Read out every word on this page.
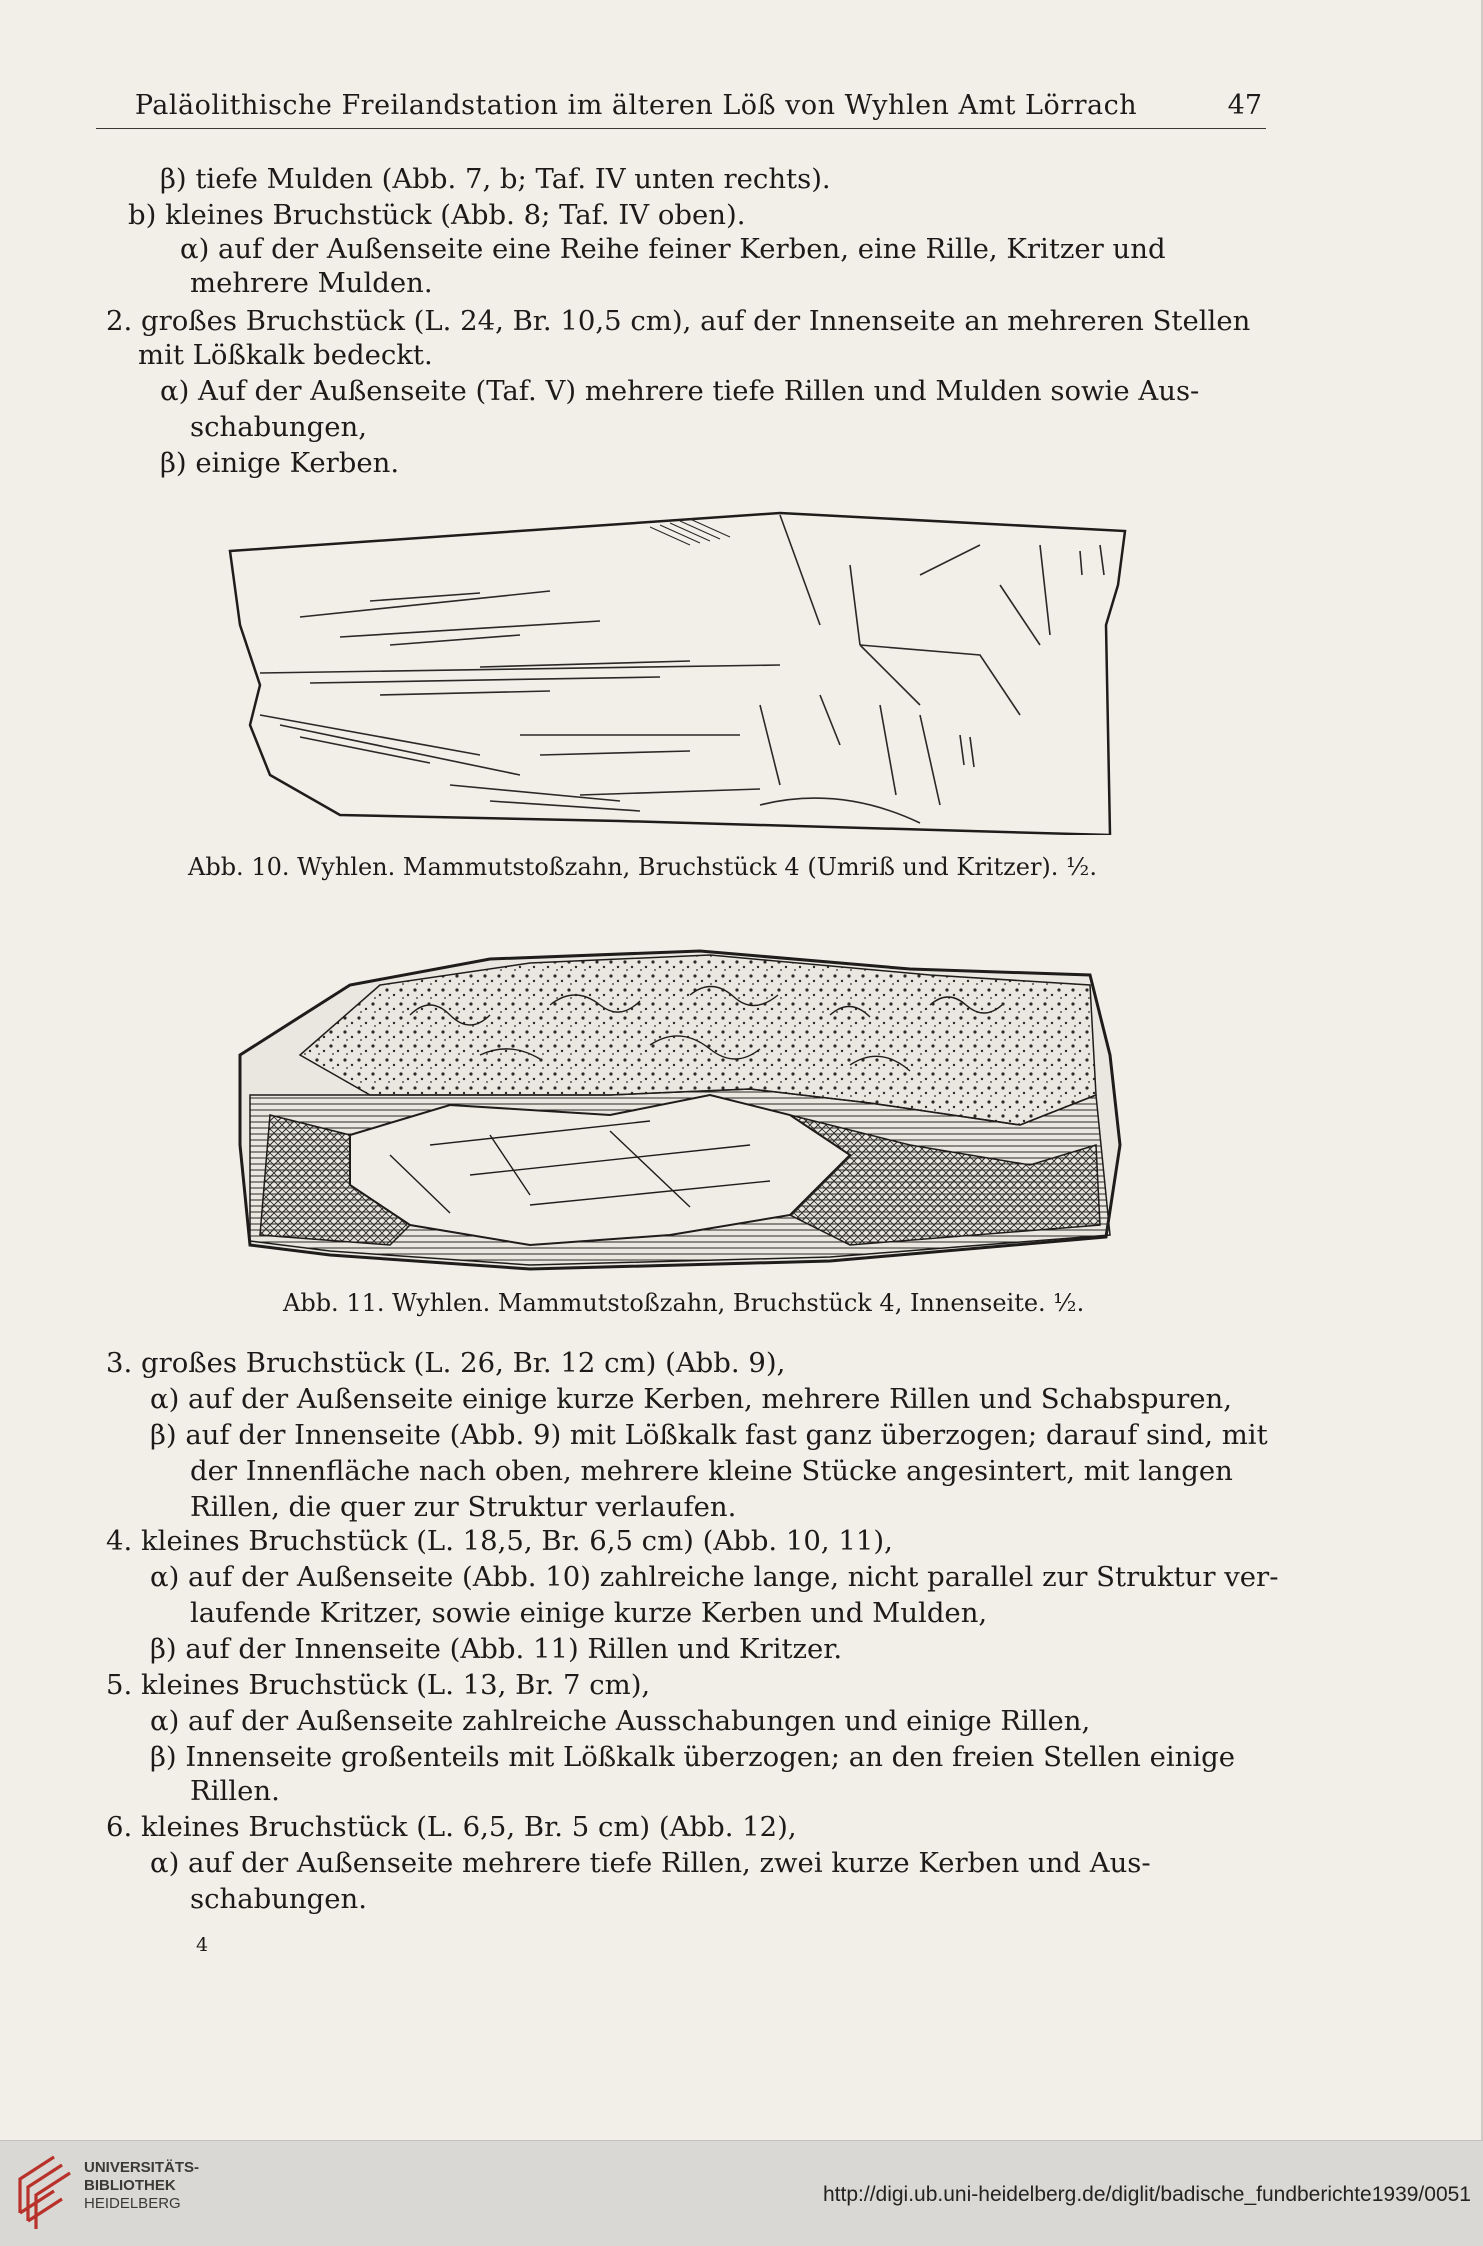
Paläolithische Freilandstation im älteren Löß von Wyhlen Amt Lörrach	47
β) tiefe Mulden (Abb. 7, b; Taf. IV unten rechts).
b) kleines Bruchstück (Abb. 8; Taf. IV oben).
α) auf der Außenseite eine Reihe feiner Kerben, eine Rille, Kritzer und
mehrere Mulden.
2. großes Bruchstück (L. 24, Br. 10,5 cm), auf der Innenseite an mehreren Stellen
mit Lößkalk bedeckt.
α) Auf der Außenseite (Taf. V) mehrere tiefe Rillen und Mulden sowie Aus-
schabungen,
β) einige Kerben.
Abb. 10. Wyhlen. Mammutstoßzahn, Bruchstück 4 (Umriß und Kritzer). ½.
Abb. 11. Wyhlen. Mammutstoßzahn, Bruchstück 4, Innenseite. ½.
3. großes Bruchstück (L. 26, Br. 12 cm) (Abb. 9),
α) auf der Außenseite einige kurze Kerben, mehrere Rillen und Schabspuren,
β) auf der Innenseite (Abb. 9) mit Lößkalk fast ganz überzogen; darauf sind, mit
der Innenfläche nach oben, mehrere kleine Stücke angesintert, mit langen
Rillen, die quer zur Struktur verlaufen.
4. kleines Bruchstück (L. 18,5, Br. 6,5 cm) (Abb. 10, 11),
α) auf der Außenseite (Abb. 10) zahlreiche lange, nicht parallel zur Struktur ver-
laufende Kritzer, sowie einige kurze Kerben und Mulden,
β) auf der Innenseite (Abb. 11) Rillen und Kritzer.
5. kleines Bruchstück (L. 13, Br. 7 cm),
α) auf der Außenseite zahlreiche Ausschabungen und einige Rillen,
β) Innenseite großenteils mit Lößkalk überzogen; an den freien Stellen einige
Rillen.
6. kleines Bruchstück (L. 6,5, Br. 5 cm) (Abb. 12),
α) auf der Außenseite mehrere tiefe Rillen, zwei kurze Kerben und Aus-
schabungen.
4
UNIVERSITÄTS-
BIBLIOTHEK
HEIDELBERG	http://digi.ub.uni-heidelberg.de/diglit/badische_fundberichte1939/0051
